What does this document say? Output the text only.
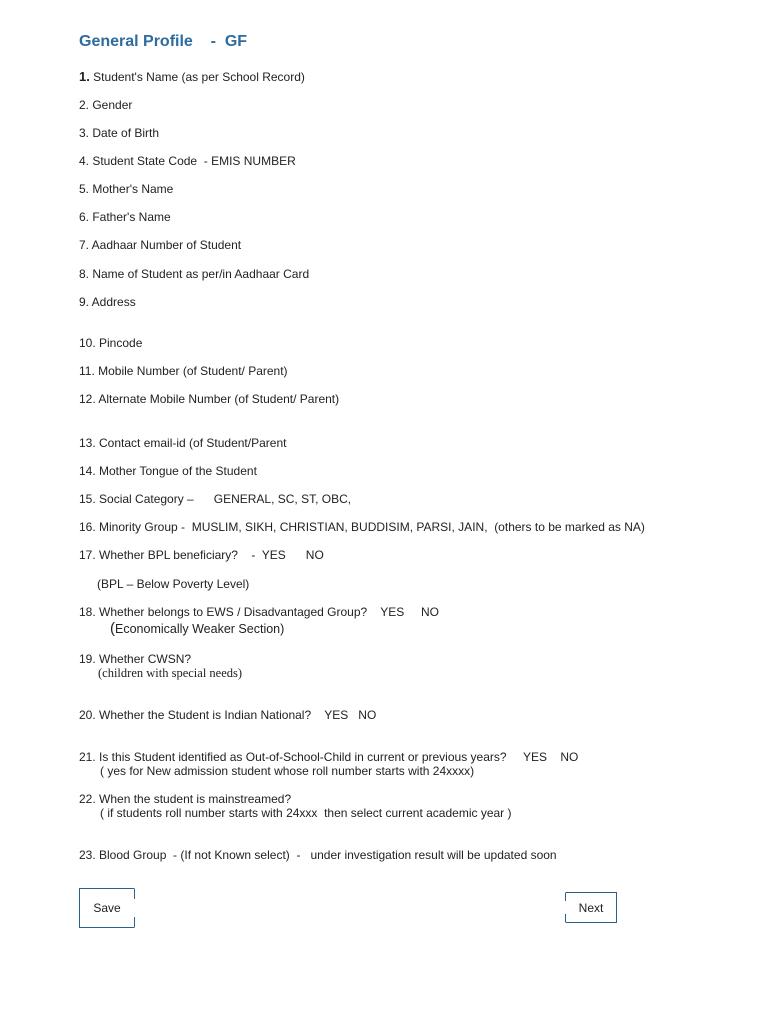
General Profile    -  GF
1. Student's Name (as per School Record)
2. Gender
3. Date of Birth
4. Student State Code  - EMIS NUMBER
5. Mother's Name
6. Father's Name
7. Aadhaar Number of Student
8. Name of Student as per/in Aadhaar Card
9. Address
10. Pincode
11. Mobile Number (of Student/ Parent)
12. Alternate Mobile Number (of Student/ Parent)
13. Contact email-id (of Student/Parent
14. Mother Tongue of the Student
15. Social Category –      GENERAL, SC, ST, OBC,
16. Minority Group -  MUSLIM, SIKH, CHRISTIAN, BUDDISIM, PARSI, JAIN,  (others to be marked as NA)
17. Whether BPL beneficiary?    -  YES      NO
(BPL – Below Poverty Level)
18. Whether belongs to EWS / Disadvantaged Group?    YES     NO
(Economically Weaker Section)
19. Whether CWSN?
(children with special needs)
20. Whether the Student is Indian National?    YES   NO
21. Is this Student identified as Out-of-School-Child in current or previous years?     YES    NO
( yes for New admission student whose roll number starts with 24xxxx)
22. When the student is mainstreamed?
( if students roll number starts with 24xxx  then select current academic year )
23. Blood Group  - (If not Known select)  -   under investigation result will be updated soon
Save	Next
